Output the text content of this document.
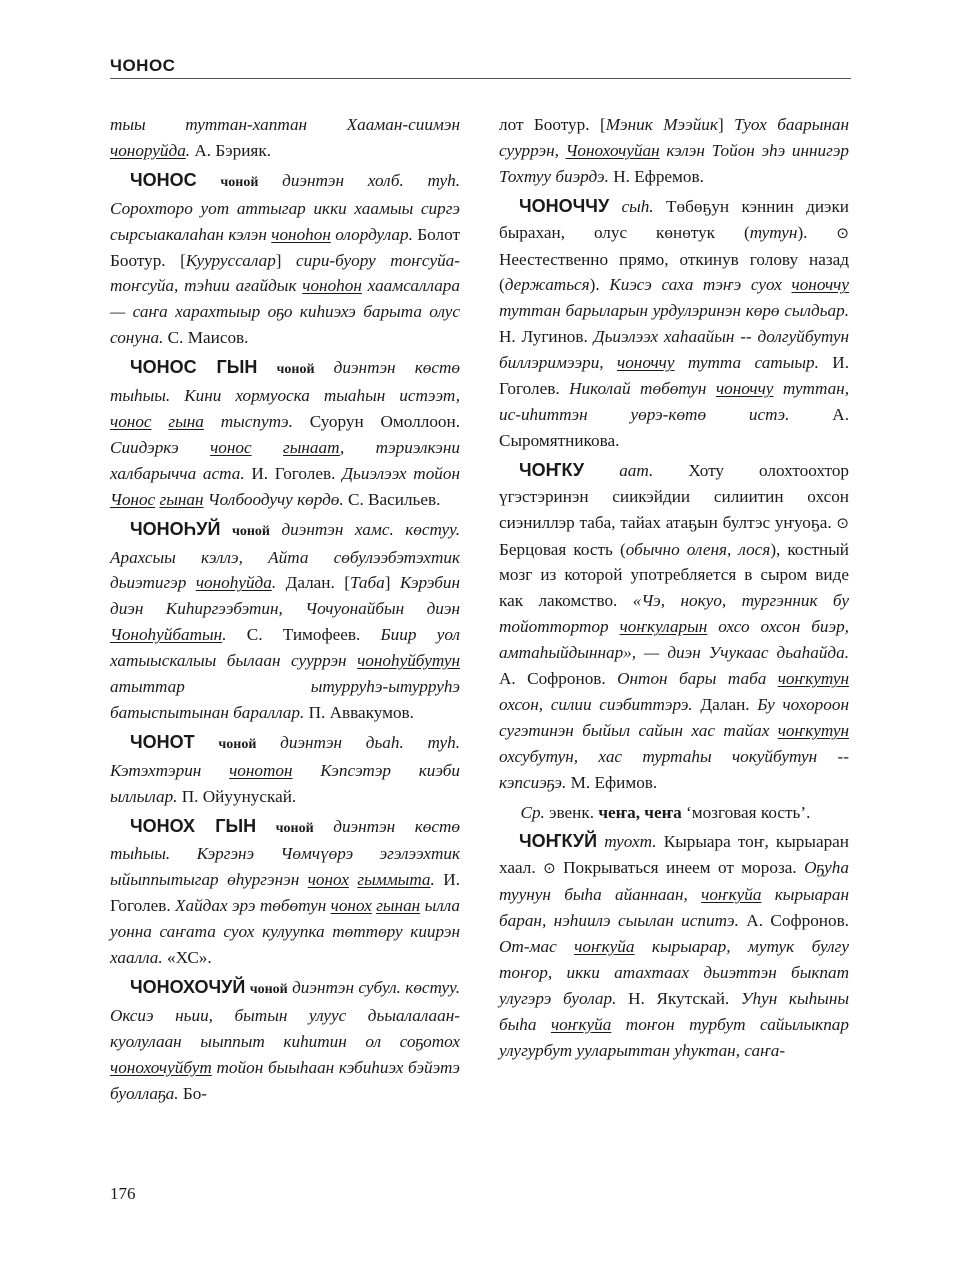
ЧОНОС

тыы туттан-хаптан Хааман-сиимэн чоноруйда. А. Бэрияк.

ЧОНОС чоной диэнтэн холб. туһ. Сорохторо уот аттыгар икки хаамыы сиргэ сырсыакалаһан кэлэн чоноһон олордулар. Болот Боотур. [Кууруссалар] сири-буору тоҥсуйа-тоҥсуйа, тэһии ағайдык чоноһон хаамсаллара — саҥа харахтыыр оҕо киһиэхэ барыта олус сонуна. С. Маисов.

ЧОНОС ГЫН чоной диэнтэн көстө тыһыы. Кини хормуоска тыаһын истээт, чонос гына тыспутэ. Суорун Омоллоон. Сиидэркэ чонос гынаат, тэриэлкэни халбарычча аста. И. Гоголев. Дьиэлээх тойон Чонос гынан Чолбоодучу көрдө. С. Васильев.

ЧОНОҺУЙ чоной диэнтэн хамс. көстуу. Арахсыы кэллэ, Айта сөбулээбэтэхтик дьиэтигэр чоноһуйда. Далан. [Таба] Кэрэбин диэн Киһиргээбэтин, Чочуонайбын диэн Чоноһуйбатын. С. Тимофеев. Биир уол хатыыскалыы былаан сууррэн чоноһуйбутун атыттар ытурруһэ-ытурруһэ батыспытынан бараллар. П. Аввакумов.

ЧОНОТ чоной диэнтэн дьаһ. туһ. Кэтэхтэрин чонотон Кэпсэтэр киэби ыллылар. П. Ойуунускай.

ЧОНОХ ГЫН чоной диэнтэн көстө тыһыы. Кэргэнэ Чөмчүөрэ эгэлээхтик ыйыппытыгар өһургэнэн чонох гыммыта. И. Гоголев. Хайдах эрэ төбөтун чонох гынан ылла уонна саҥата суох кулуупка төттөру киирэн хаалла. «ХС».

ЧОНОХОЧУЙ чоной диэнтэн субул. көстуу. Оксиэ ньии, бытын улуус дьыалалаан-куолулаан ыыппыт киһитин ол соҕотох чонохочуйбут тойон быыһаан кэбиһиэх бэйэтэ буоллаҕа. Бо-

лот Боотур. [Мэник Мээйик] Туох баарынан сууррэн, Чонохочуйан кэлэн Тойон эһэ иннигэр Тохтуу биэрдэ. Н. Ефремов.

ЧОНОЧЧУ сыһ. Төбөҕун кэннин диэки бырахан, олус көнөтук (тутун). ⊙ Неестественно прямо, откинув голову назад (держаться). Киэсэ саха тэҥэ суох чоноччу туттан барыларын урдулэринэн көрө сылдьар. Н. Лугинов. Дьиэлээх хаһаайын -- долгуйбутун биллэримээри, чоноччу тутта сатыыр. И. Гоголев. Николай төбөтун чоноччу туттан, ис-иһиттэн уөрэ-көтө истэ. А. Сыромятникова.

ЧОҤКУ аат. Хоту олохтоохтор үгэстэринэн сиикэйдии силиитин охсон сиэниллэр таба, тайах атаҕын бултэс уҥуоҕа. ⊙ Берцовая кость (обычно оленя, лося), костный мозг из которой употребляется в сыром виде как лакомство. «Чэ, нокуо, тургэнник бу тойоттортор чоҥкуларын охсо охсон биэр, амтаһыйдыннар», — диэн Учукаас дьаһайда. А. Софронов. Онтон бары таба чоҥкутун охсон, силии сиэбиттэрэ. Далан. Бу чохороон сугэтинэн быйыл сайын хас тайах чоҥкутун охсубутун, хас туртаһы чокуйбутун -- кэпсиэҕэ. М. Ефимов.

Ср. эвенк. чеҥа, чеҥа ‘мозговая кость’.

ЧОҤКУЙ туохт. Кырыара тоҥ, кырыаран хаал. ⊙ Покрываться инеем от мороза. Оҕуһа туунун быһа айаннаан, чоҥкуйа кырыаран баран, нэһиилэ сыылан испитэ. А. Софронов. От-мас чоҥкуйа кырыарар, мутук булгу тоҥор, икки атахтаах дьиэттэн быкпат улугэрэ буолар. Н. Якутскай. Уһун кыһыны быһа чоҥкуйа тоҥон турбут сайылыкпар улугурбут ууларыттан уһуктан, саҥа-

176
